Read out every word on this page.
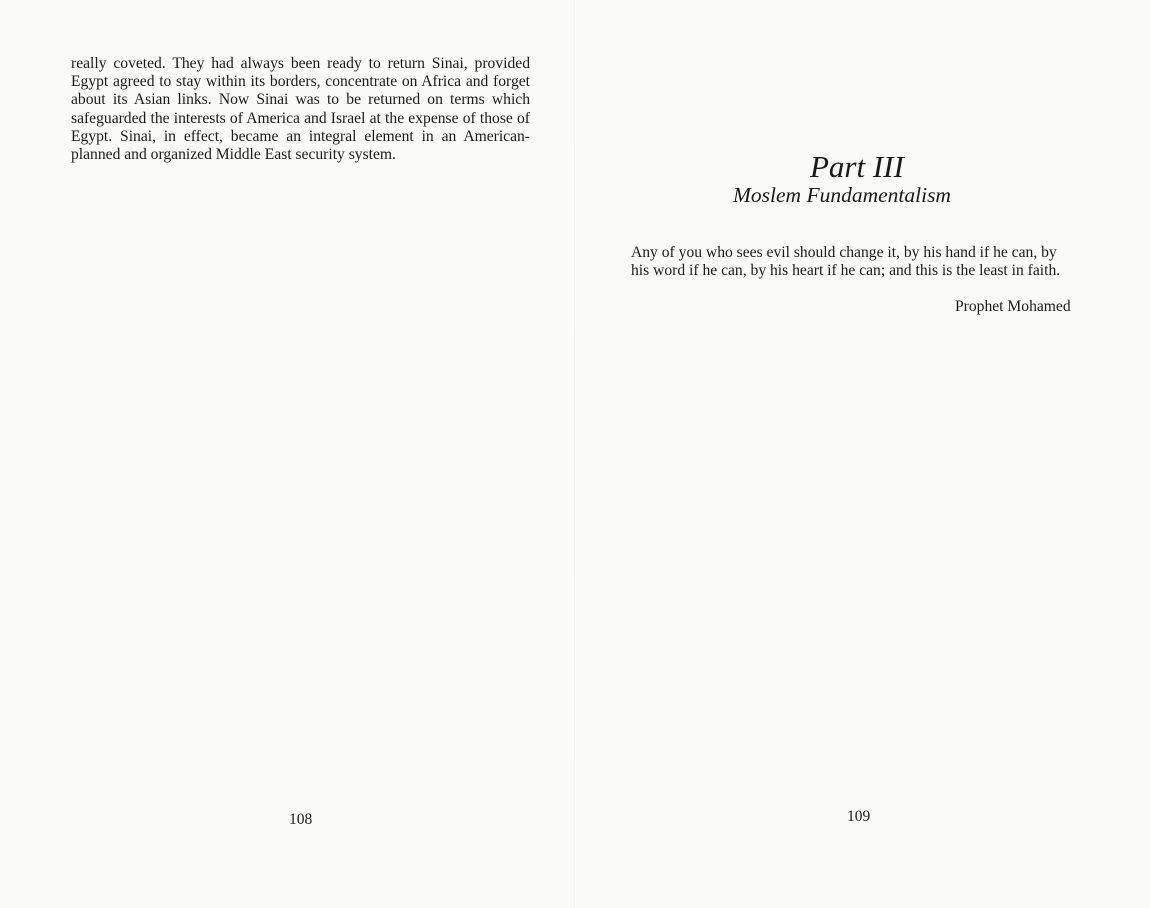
really coveted. They had always been ready to return Sinai, provided Egypt agreed to stay within its borders, concentrate on Africa and forget about its Asian links. Now Sinai was to be returned on terms which safeguarded the interests of America and Israel at the expense of those of Egypt. Sinai, in effect, became an integral element in an American-planned and organized Middle East security system.

108

Part III
Moslem Fundamentalism

Any of you who sees evil should change it, by his hand if he can, by his word if he can, by his heart if he can; and this is the least in faith.

Prophet Mohamed

109
